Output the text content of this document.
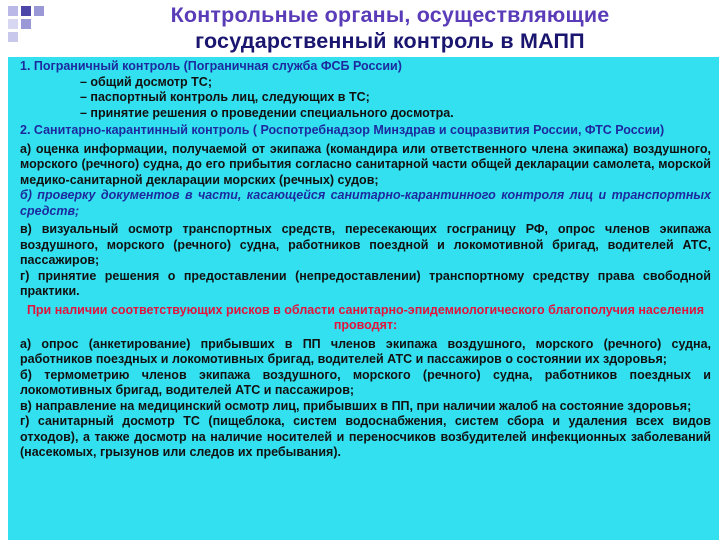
Контрольные органы, осуществляющие
государственный контроль в МАПП

1. Пограничный контроль (Пограничная служба ФСБ России)

– общий досмотр ТС;

– паспортный контроль лиц, следующих в ТС;

– принятие решения о проведении специального досмотра.

2. Санитарно-карантинный контроль ( Роспотребнадзор Минздрав и соцразвития России, ФТС России)

а) оценка информации, получаемой от экипажа (командира или ответственного члена экипажа) воздушного, морского (речного) судна, до его прибытия согласно санитарной части общей декларации самолета, морской медико-санитарной декларации морских (речных) судов;

б) проверку документов в части, касающейся санитарно-карантинного контроля лиц и транспортных средств;

в) визуальный осмотр транспортных средств, пересекающих госграницу РФ, опрос членов экипажа воздушного, морского (речного) судна, работников поездной и локомотивной бригад, водителей АТС, пассажиров;

г) принятие решения о предоставлении (непредоставлении) транспортному средству права свободной практики.

При наличии соответствующих рисков в области санитарно-эпидемиологического благополучия населения проводят:

а) опрос (анкетирование) прибывших в ПП членов экипажа воздушного, морского (речного) судна, работников поездных и локомотивных бригад, водителей АТС и пассажиров о состоянии их здоровья;

б) термометрию членов экипажа воздушного, морского (речного) судна, работников поездных и локомотивных бригад, водителей АТС и пассажиров;

в) направление на медицинский осмотр лиц, прибывших в ПП, при наличии жалоб на состояние здоровья;

г) санитарный досмотр ТС (пищеблока, систем водоснабжения, систем сбора и удаления всех видов отходов), а также досмотр на наличие носителей и переносчиков возбудителей инфекционных заболеваний (насекомых, грызунов или следов их пребывания).
